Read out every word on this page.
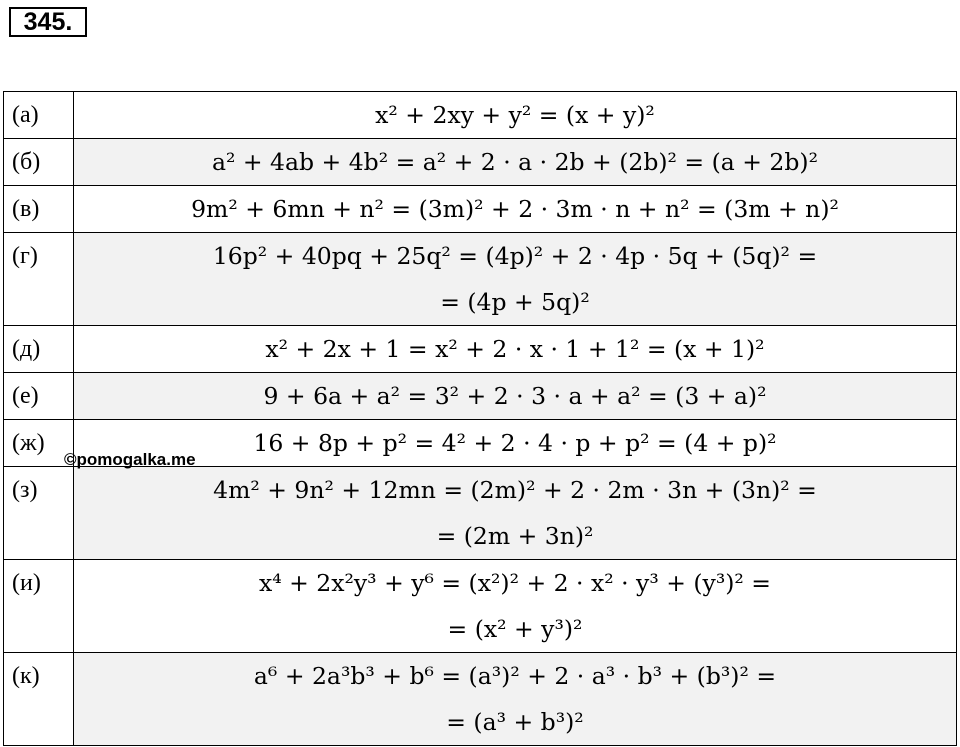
345.
(а)	x² + 2xy + y² = (x + y)²

(б)	a² + 4ab + 4b² = a² + 2 · a · 2b + (2b)² = (a + 2b)²

(в)	9m² + 6mn + n² = (3m)² + 2 · 3m · n + n² = (3m + n)²

(г)	16p² + 40pq + 25q² = (4p)² + 2 · 4p · 5q + (5q)² =
= (4p + 5q)²

(д)	x² + 2x + 1 = x² + 2 · x · 1 + 1² = (x + 1)²

(е)	9 + 6a + a² = 3² + 2 · 3 · a + a² = (3 + a)²

(ж)	16 + 8p + p² = 4² + 2 · 4 · p + p² = (4 + p)²

(з)	4m² + 9n² + 12mn = (2m)² + 2 · 2m · 3n + (3n)² =
= (2m + 3n)²

(и)	x⁴ + 2x²y³ + y⁶ = (x²)² + 2 · x² · y³ + (y³)² =
= (x² + y³)²

(к)	a⁶ + 2a³b³ + b⁶ = (a³)² + 2 · a³ · b³ + (b³)² =
= (a³ + b³)²
©pomogalka.me
